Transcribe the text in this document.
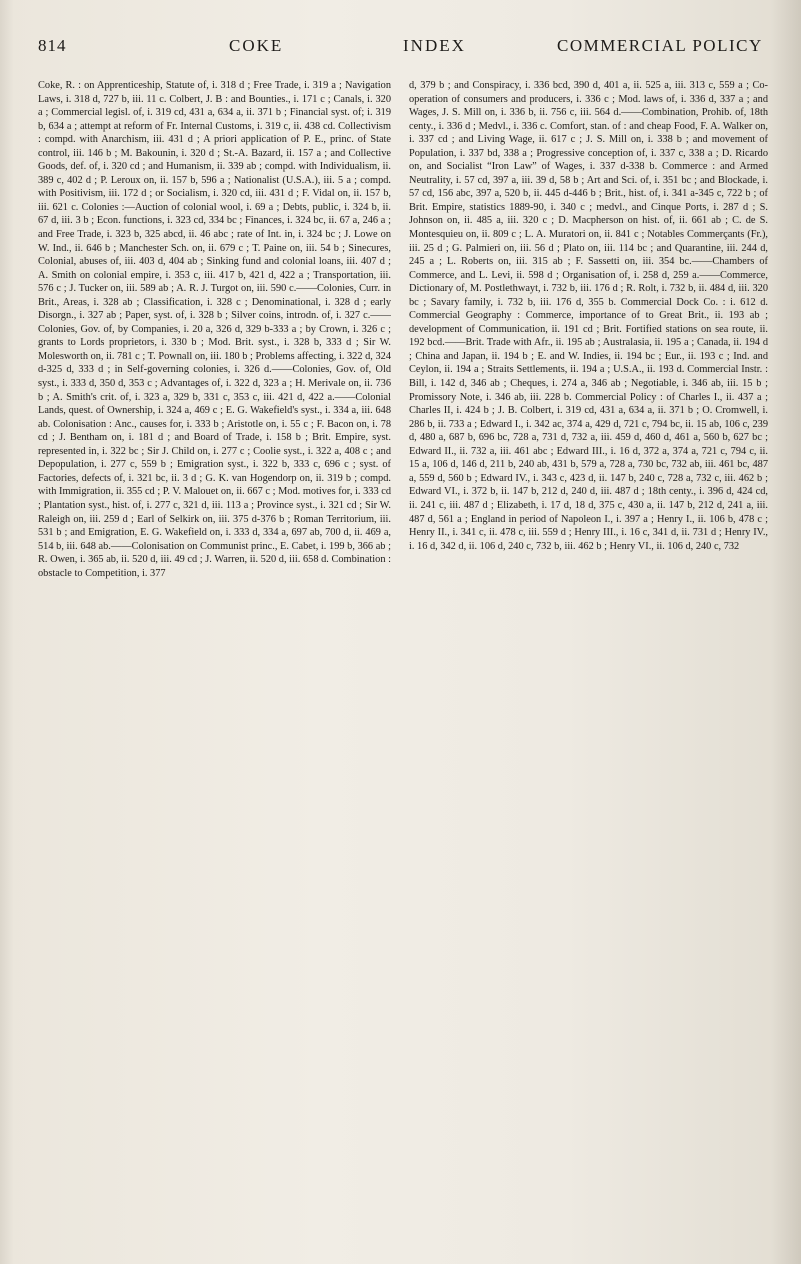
814	COKE	INDEX	COMMERCIAL POLICY

Coke, R. : on Apprenticeship, Statute of, i. 318 d ; Free Trade, i. 319 a ; Navigation Laws, i. 318 d, 727 b, iii. 11 c. Colbert, J. B : and Bounties., i. 171 c ; Canals, i. 320 a ; Commercial legisl. of, i. 319 cd, 431 a, 634 a, ii. 371 b ; Financial syst. of; i. 319 b, 634 a ; attempt at reform of Fr. Internal Customs, i. 319 c, ii. 438 cd. Collectivism : compd. with Anarchism, iii. 431 d ; A priori application of P. E., princ. of State control, iii. 146 b ; M. Bakounin, i. 320 d ; St.-A. Bazard, ii. 157 a ; and Collective Goods, def. of, i. 320 cd ; and Humanism, ii. 339 ab ; compd. with Individualism, ii. 389 c, 402 d ; P. Leroux on, ii. 157 b, 596 a ; Nationalist (U.S.A.), iii. 5 a ; compd. with Positivism, iii. 172 d ; or Socialism, i. 320 cd, iii. 431 d ; F. Vidal on, ii. 157 b, iii. 621 c. Colonies :—Auction of colonial wool, i. 69 a ; Debts, public, i. 324 b, ii. 67 d, iii. 3 b ; Econ. functions, i. 323 cd, 334 bc ; Finances, i. 324 bc, ii. 67 a, 246 a ; and Free Trade, i. 323 b, 325 abcd, ii. 46 abc ; rate of Int. in, i. 324 bc ; J. Lowe on W. Ind., ii. 646 b ; Manchester Sch. on, ii. 679 c ; T. Paine on, iii. 54 b ; Sinecures, Colonial, abuses of, iii. 403 d, 404 ab ; Sinking fund and colonial loans, iii. 407 d ; A. Smith on colonial empire, i. 353 c, iii. 417 b, 421 d, 422 a ; Transportation, iii. 576 c ; J. Tucker on, iii. 589 ab ; A. R. J. Turgot on, iii. 590 c.——Colonies, Curr. in Brit., Areas, i. 328 ab ; Classification, i. 328 c ; Denominational, i. 328 d ; early Disorgn., i. 327 ab ; Paper, syst. of, i. 328 b ; Silver coins, introdn. of, i. 327 c.——Colonies, Gov. of, by Companies, i. 20 a, 326 d, 329 b-333 a ; by Crown, i. 326 c ; grants to Lords proprietors, i. 330 b ; Mod. Brit. syst., i. 328 b, 333 d ; Sir W. Molesworth on, ii. 781 c ; T. Pownall on, iii. 180 b ; Problems affecting, i. 322 d, 324 d-325 d, 333 d ; in Self-governing colonies, i. 326 d.——Colonies, Gov. of, Old syst., i. 333 d, 350 d, 353 c ; Advantages of, i. 322 d, 323 a ; H. Merivale on, ii. 736 b ; A. Smith's crit. of, i. 323 a, 329 b, 331 c, 353 c, iii. 421 d, 422 a.——Colonial Lands, quest. of Ownership, i. 324 a, 469 c ; E. G. Wakefield's syst., i. 334 a, iii. 648 ab. Colonisation : Anc., causes for, i. 333 b ; Aristotle on, i. 55 c ; F. Bacon on, i. 78 cd ; J. Bentham on, i. 181 d ; and Board of Trade, i. 158 b ; Brit. Empire, syst. represented in, i. 322 bc ; Sir J. Child on, i. 277 c ; Coolie syst., i. 322 a, 408 c ; and Depopulation, i. 277 c, 559 b ; Emigration syst., i. 322 b, 333 c, 696 c ; syst. of Factories, defects of, i. 321 bc, ii. 3 d ; G. K. van Hogendorp on, ii. 319 b ; compd. with Immigration, ii. 355 cd ; P. V. Malouet on, ii. 667 c ; Mod. motives for, i. 333 cd ; Plantation syst., hist. of, i. 277 c, 321 d, iii. 113 a ; Province syst., i. 321 cd ; Sir W. Raleigh on, iii. 259 d ; Earl of Selkirk on, iii. 375 d-376 b ; Roman Territorium, iii. 531 b ; and Emigration, E. G. Wakefield on, i. 333 d, 334 a, 697 ab, 700 d, ii. 469 a, 514 b, iii. 648 ab.——Colonisation on Communist princ., E. Cabet, i. 199 b, 366 ab ; R. Owen, i. 365 ab, ii. 520 d, iii. 49 cd ; J. Warren, ii. 520 d, iii. 658 d. Combination : obstacle to Competition, i. 377

d, 379 b ; and Conspiracy, i. 336 bcd, 390 d, 401 a, ii. 525 a, iii. 313 c, 559 a ; Co-operation of consumers and producers, i. 336 c ; Mod. laws of, i. 336 d, 337 a ; and Wages, J. S. Mill on, i. 336 b, ii. 756 c, iii. 564 d.——Combination, Prohib. of, 18th centy., i. 336 d ; Medvl., i. 336 c. Comfort, stan. of : and cheap Food, F. A. Walker on, i. 337 cd ; and Living Wage, ii. 617 c ; J. S. Mill on, i. 338 b ; and movement of Population, i. 337 bd, 338 a ; Progressive conception of, i. 337 c, 338 a ; D. Ricardo on, and Socialist “Iron Law” of Wages, i. 337 d-338 b. Commerce : and Armed Neutrality, i. 57 cd, 397 a, iii. 39 d, 58 b ; Art and Sci. of, i. 351 bc ; and Blockade, i. 57 cd, 156 abc, 397 a, 520 b, ii. 445 d-446 b ; Brit., hist. of, i. 341 a-345 c, 722 b ; of Brit. Empire, statistics 1889-90, i. 340 c ; medvl., and Cinque Ports, i. 287 d ; S. Johnson on, ii. 485 a, iii. 320 c ; D. Macpherson on hist. of, ii. 661 ab ; C. de S. Montesquieu on, ii. 809 c ; L. A. Muratori on, ii. 841 c ; Notables Commerçants (Fr.), iii. 25 d ; G. Palmieri on, iii. 56 d ; Plato on, iii. 114 bc ; and Quarantine, iii. 244 d, 245 a ; L. Roberts on, iii. 315 ab ; F. Sassetti on, iii. 354 bc.——Chambers of Commerce, and L. Levi, ii. 598 d ; Organisation of, i. 258 d, 259 a.——Commerce, Dictionary of, M. Postlethwayt, i. 732 b, iii. 176 d ; R. Rolt, i. 732 b, ii. 484 d, iii. 320 bc ; Savary family, i. 732 b, iii. 176 d, 355 b. Commercial Dock Co. : i. 612 d. Commercial Geography : Commerce, importance of to Great Brit., ii. 193 ab ; development of Communication, ii. 191 cd ; Brit. Fortified stations on sea route, ii. 192 bcd.——Brit. Trade with Afr., ii. 195 ab ; Australasia, ii. 195 a ; Canada, ii. 194 d ; China and Japan, ii. 194 b ; E. and W. Indies, ii. 194 bc ; Eur., ii. 193 c ; Ind. and Ceylon, ii. 194 a ; Straits Settlements, ii. 194 a ; U.S.A., ii. 193 d. Commercial Instr. : Bill, i. 142 d, 346 ab ; Cheques, i. 274 a, 346 ab ; Negotiable, i. 346 ab, iii. 15 b ; Promissory Note, i. 346 ab, iii. 228 b. Commercial Policy : of Charles I., ii. 437 a ; Charles II, i. 424 b ; J. B. Colbert, i. 319 cd, 431 a, 634 a, ii. 371 b ; O. Cromwell, i. 286 b, ii. 733 a ; Edward I., i. 342 ac, 374 a, 429 d, 721 c, 794 bc, ii. 15 ab, 106 c, 239 d, 480 a, 687 b, 696 bc, 728 a, 731 d, 732 a, iii. 459 d, 460 d, 461 a, 560 b, 627 bc ; Edward II., ii. 732 a, iii. 461 abc ; Edward III., i. 16 d, 372 a, 374 a, 721 c, 794 c, ii. 15 a, 106 d, 146 d, 211 b, 240 ab, 431 b, 579 a, 728 a, 730 bc, 732 ab, iii. 461 bc, 487 a, 559 d, 560 b ; Edward IV., i. 343 c, 423 d, ii. 147 b, 240 c, 728 a, 732 c, iii. 462 b ; Edward VI., i. 372 b, ii. 147 b, 212 d, 240 d, iii. 487 d ; 18th centy., i. 396 d, 424 cd, ii. 241 c, iii. 487 d ; Elizabeth, i. 17 d, 18 d, 375 c, 430 a, ii. 147 b, 212 d, 241 a, iii. 487 d, 561 a ; England in period of Napoleon I., i. 397 a ; Henry I., ii. 106 b, 478 c ; Henry II., i. 341 c, ii. 478 c, iii. 559 d ; Henry III., i. 16 c, 341 d, ii. 731 d ; Henry IV., i. 16 d, 342 d, ii. 106 d, 240 c, 732 b, iii. 462 b ; Henry VI., ii. 106 d, 240 c, 732
